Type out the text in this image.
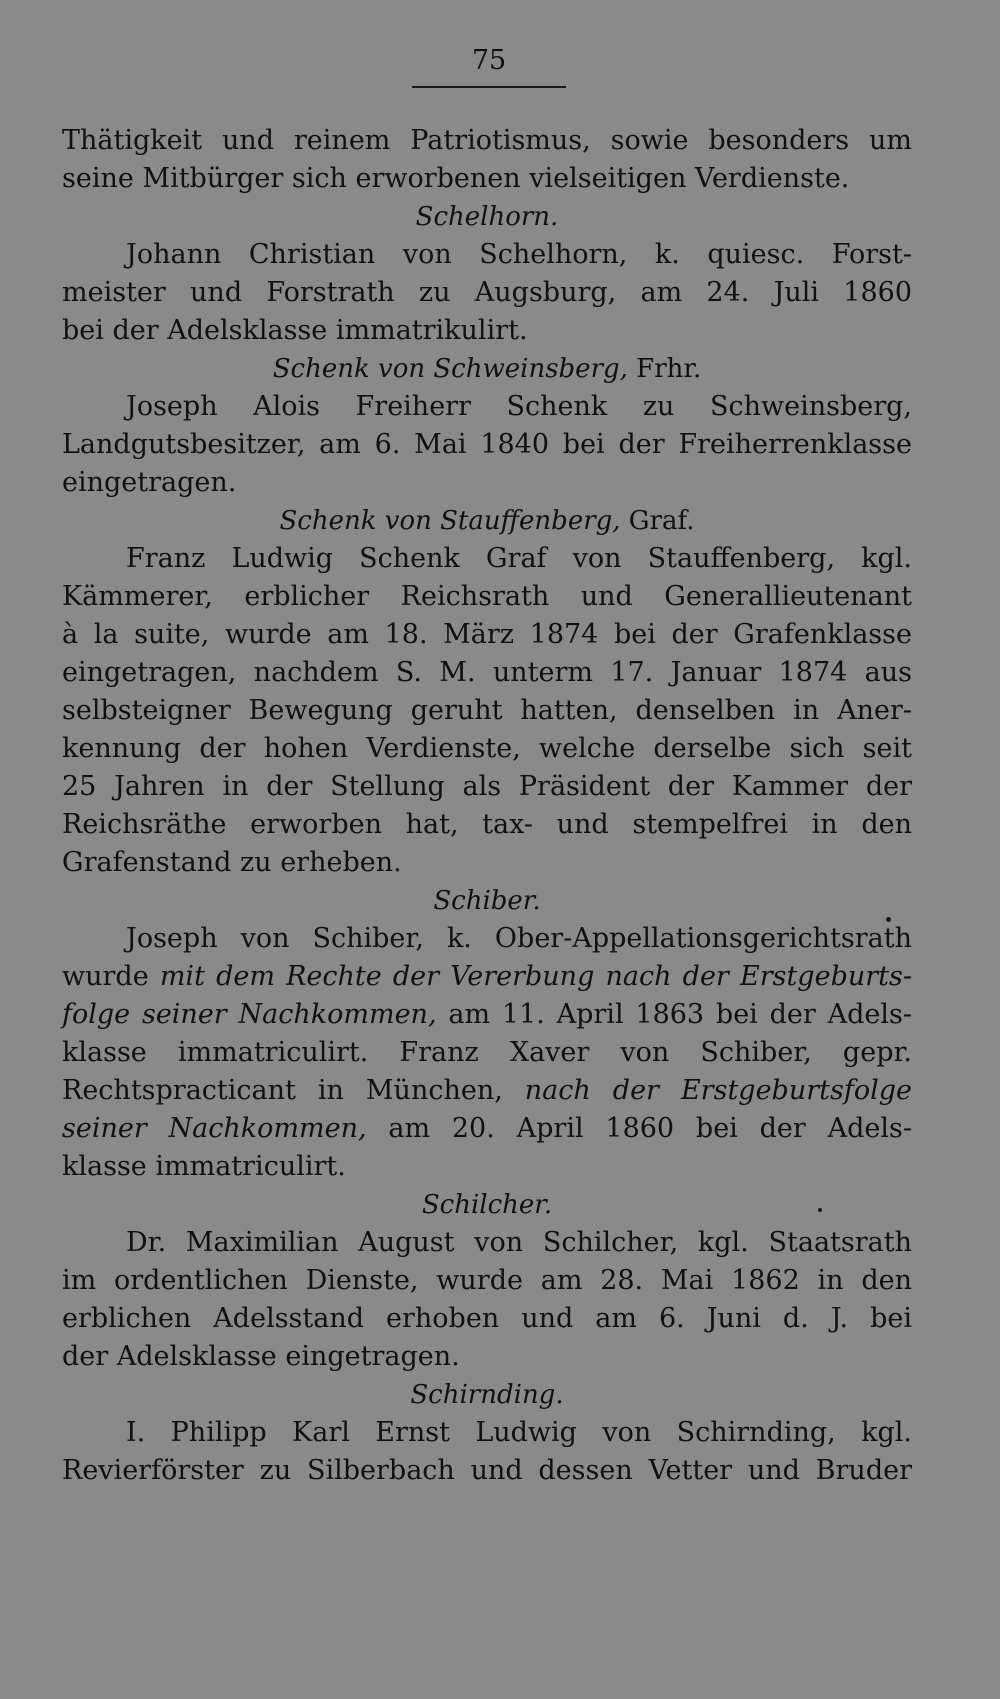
75
Thätigkeit und reinem Patriotismus, sowie besonders um
seine Mitbürger sich erworbenen vielseitigen Verdienste.
Schelhorn.
Johann Christian von Schelhorn, k. quiesc. Forst-
meister und Forstrath zu Augsburg, am 24. Juli 1860
bei der Adelsklasse immatrikulirt.
Schenk von Schweinsberg, Frhr.
Joseph Alois Freiherr Schenk zu Schweinsberg,
Landgutsbesitzer, am 6. Mai 1840 bei der Freiherrenklasse
eingetragen.
Schenk von Stauffenberg, Graf.
Franz Ludwig Schenk Graf von Stauffenberg, kgl.
Kämmerer, erblicher Reichsrath und Generallieutenant
à la suite, wurde am 18. März 1874 bei der Grafenklasse
eingetragen, nachdem S. M. unterm 17. Januar 1874 aus
selbsteigner Bewegung geruht hatten, denselben in Aner-
kennung der hohen Verdienste, welche derselbe sich seit
25 Jahren in der Stellung als Präsident der Kammer der
Reichsräthe erworben hat, tax- und stempelfrei in den
Grafenstand zu erheben.
Schiber.
Joseph von Schiber, k. Ober-Appellationsgerichtsrath
wurde mit dem Rechte der Vererbung nach der Erstgeburts-
folge seiner Nachkommen, am 11. April 1863 bei der Adels-
klasse immatriculirt. Franz Xaver von Schiber, gepr.
Rechtspracticant in München, nach der Erstgeburtsfolge
seiner Nachkommen, am 20. April 1860 bei der Adels-
klasse immatriculirt.
Schilcher.
Dr. Maximilian August von Schilcher, kgl. Staatsrath
im ordentlichen Dienste, wurde am 28. Mai 1862 in den
erblichen Adelsstand erhoben und am 6. Juni d. J. bei
der Adelsklasse eingetragen.
Schirnding.
I. Philipp Karl Ernst Ludwig von Schirnding, kgl.
Revierförster zu Silberbach und dessen Vetter und Bruder
